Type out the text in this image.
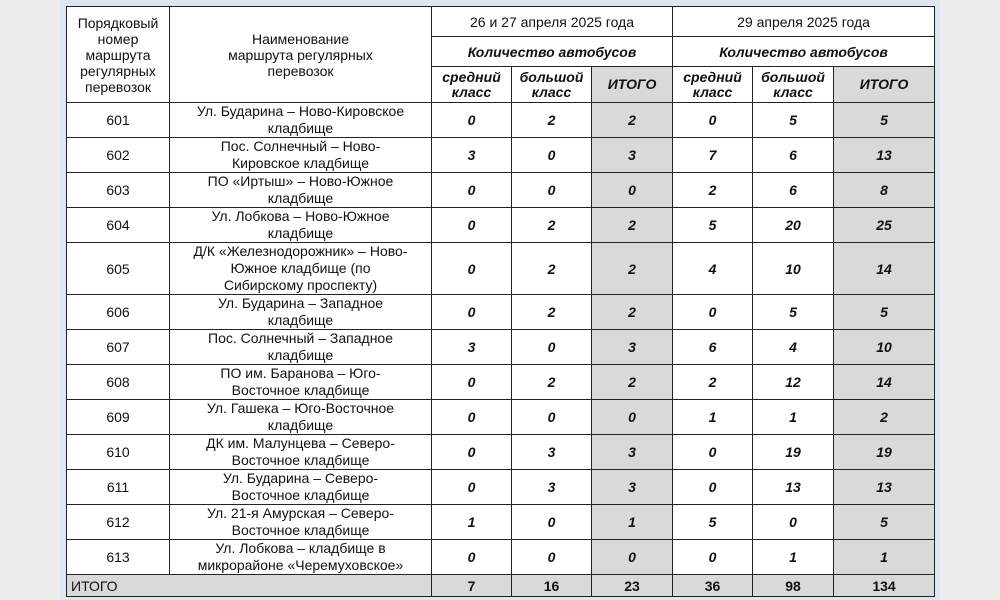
Порядковый номер маршрута регулярных перевозок	Наименование маршрута регулярных перевозок	26 и 27 апреля 2025 года			29 апреля 2025 года		
		Количество автобусов			Количество автобусов		
		средний класс	большой класс	ИТОГО	средний класс	большой класс	ИТОГО
601	Ул. Бударина – Ново-Кировское кладбище	0	2	2	0	5	5
602	Пос. Солнечный – Ново- Кировское кладбище	3	0	3	7	6	13
603	ПО «Иртыш» – Ново-Южное кладбище	0	0	0	2	6	8
604	Ул. Лобкова – Ново-Южное кладбище	0	2	2	5	20	25
605	Д/К «Железнодорожник» – Ново-Южное кладбище (по Сибирскому проспекту)	0	2	2	4	10	14
606	Ул. Бударина – Западное кладбище	0	2	2	0	5	5
607	Пос. Солнечный – Западное кладбище	3	0	3	6	4	10
608	ПО им. Баранова – Юго-Восточное кладбище	0	2	2	2	12	14
609	Ул. Гашека – Юго-Восточное кладбище	0	0	0	1	1	2
610	ДК им. Малунцева – Северо-Восточное кладбище	0	3	3	0	19	19
611	Ул. Бударина – Северо-Восточное кладбище	0	3	3	0	13	13
612	Ул. 21-я Амурская – Северо-Восточное кладбище	1	0	1	5	0	5
613	Ул. Лобкова – кладбище в микрорайоне «Черемуховское»	0	0	0	0	1	1
ИТОГО		7	16	23	36	98	134
